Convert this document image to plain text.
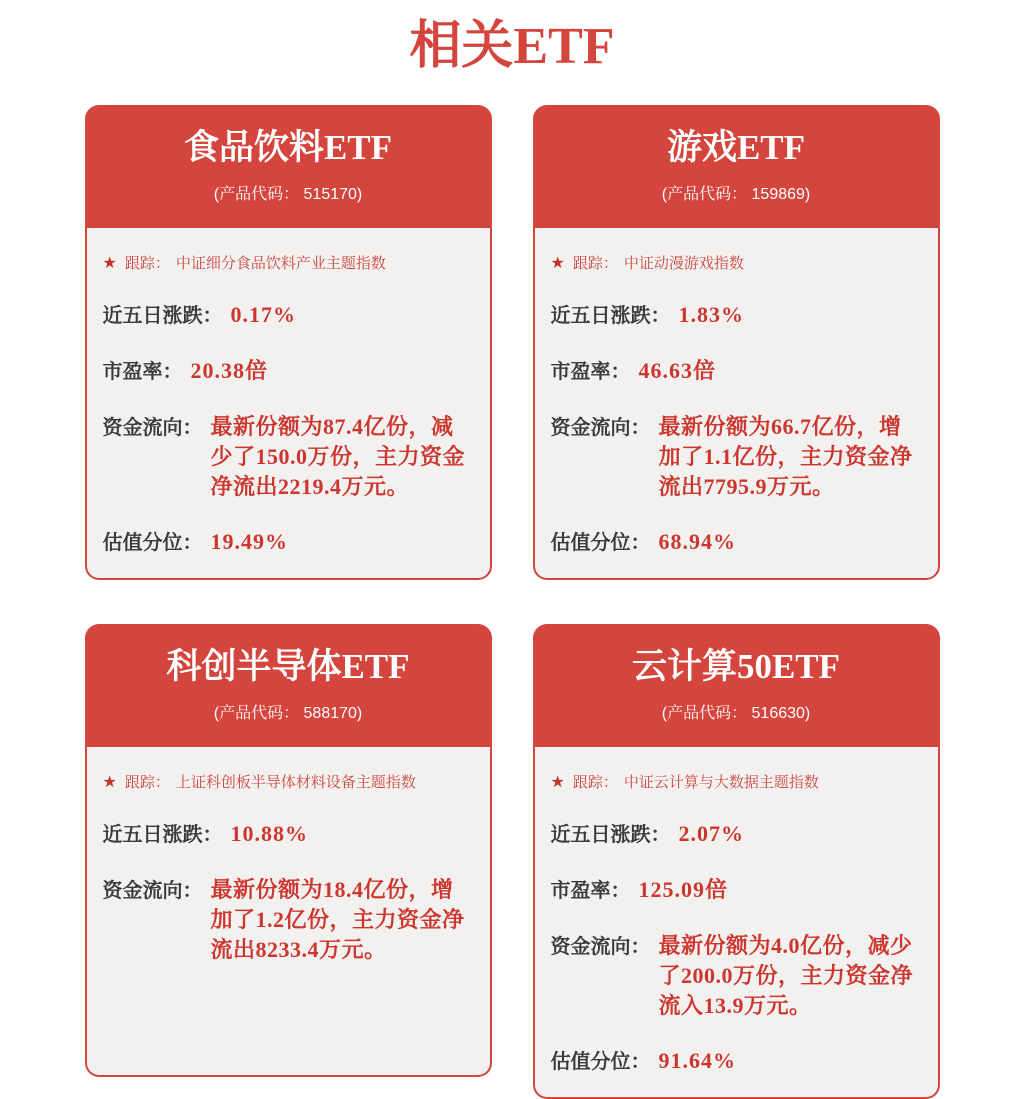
相关ETF
食品饮料ETF
(产品代码： 515170)
★ 跟踪： 中证细分食品饮料产业主题指数
近五日涨跌： 0.17%
市盈率： 20.38倍
资金流向： 最新份额为87.4亿份，减少了150.0万份，主力资金净流出2219.4万元。
估值分位： 19.49%
游戏ETF
(产品代码： 159869)
★ 跟踪： 中证动漫游戏指数
近五日涨跌： 1.83%
市盈率： 46.63倍
资金流向： 最新份额为66.7亿份，增加了1.1亿份，主力资金净流出7795.9万元。
估值分位： 68.94%
科创半导体ETF
(产品代码： 588170)
★ 跟踪： 上证科创板半导体材料设备主题指数
近五日涨跌： 10.88%
资金流向： 最新份额为18.4亿份，增加了1.2亿份，主力资金净流出8233.4万元。
云计算50ETF
(产品代码： 516630)
★ 跟踪： 中证云计算与大数据主题指数
近五日涨跌： 2.07%
市盈率： 125.09倍
资金流向： 最新份额为4.0亿份，减少了200.0万份，主力资金净流入13.9万元。
估值分位： 91.64%
